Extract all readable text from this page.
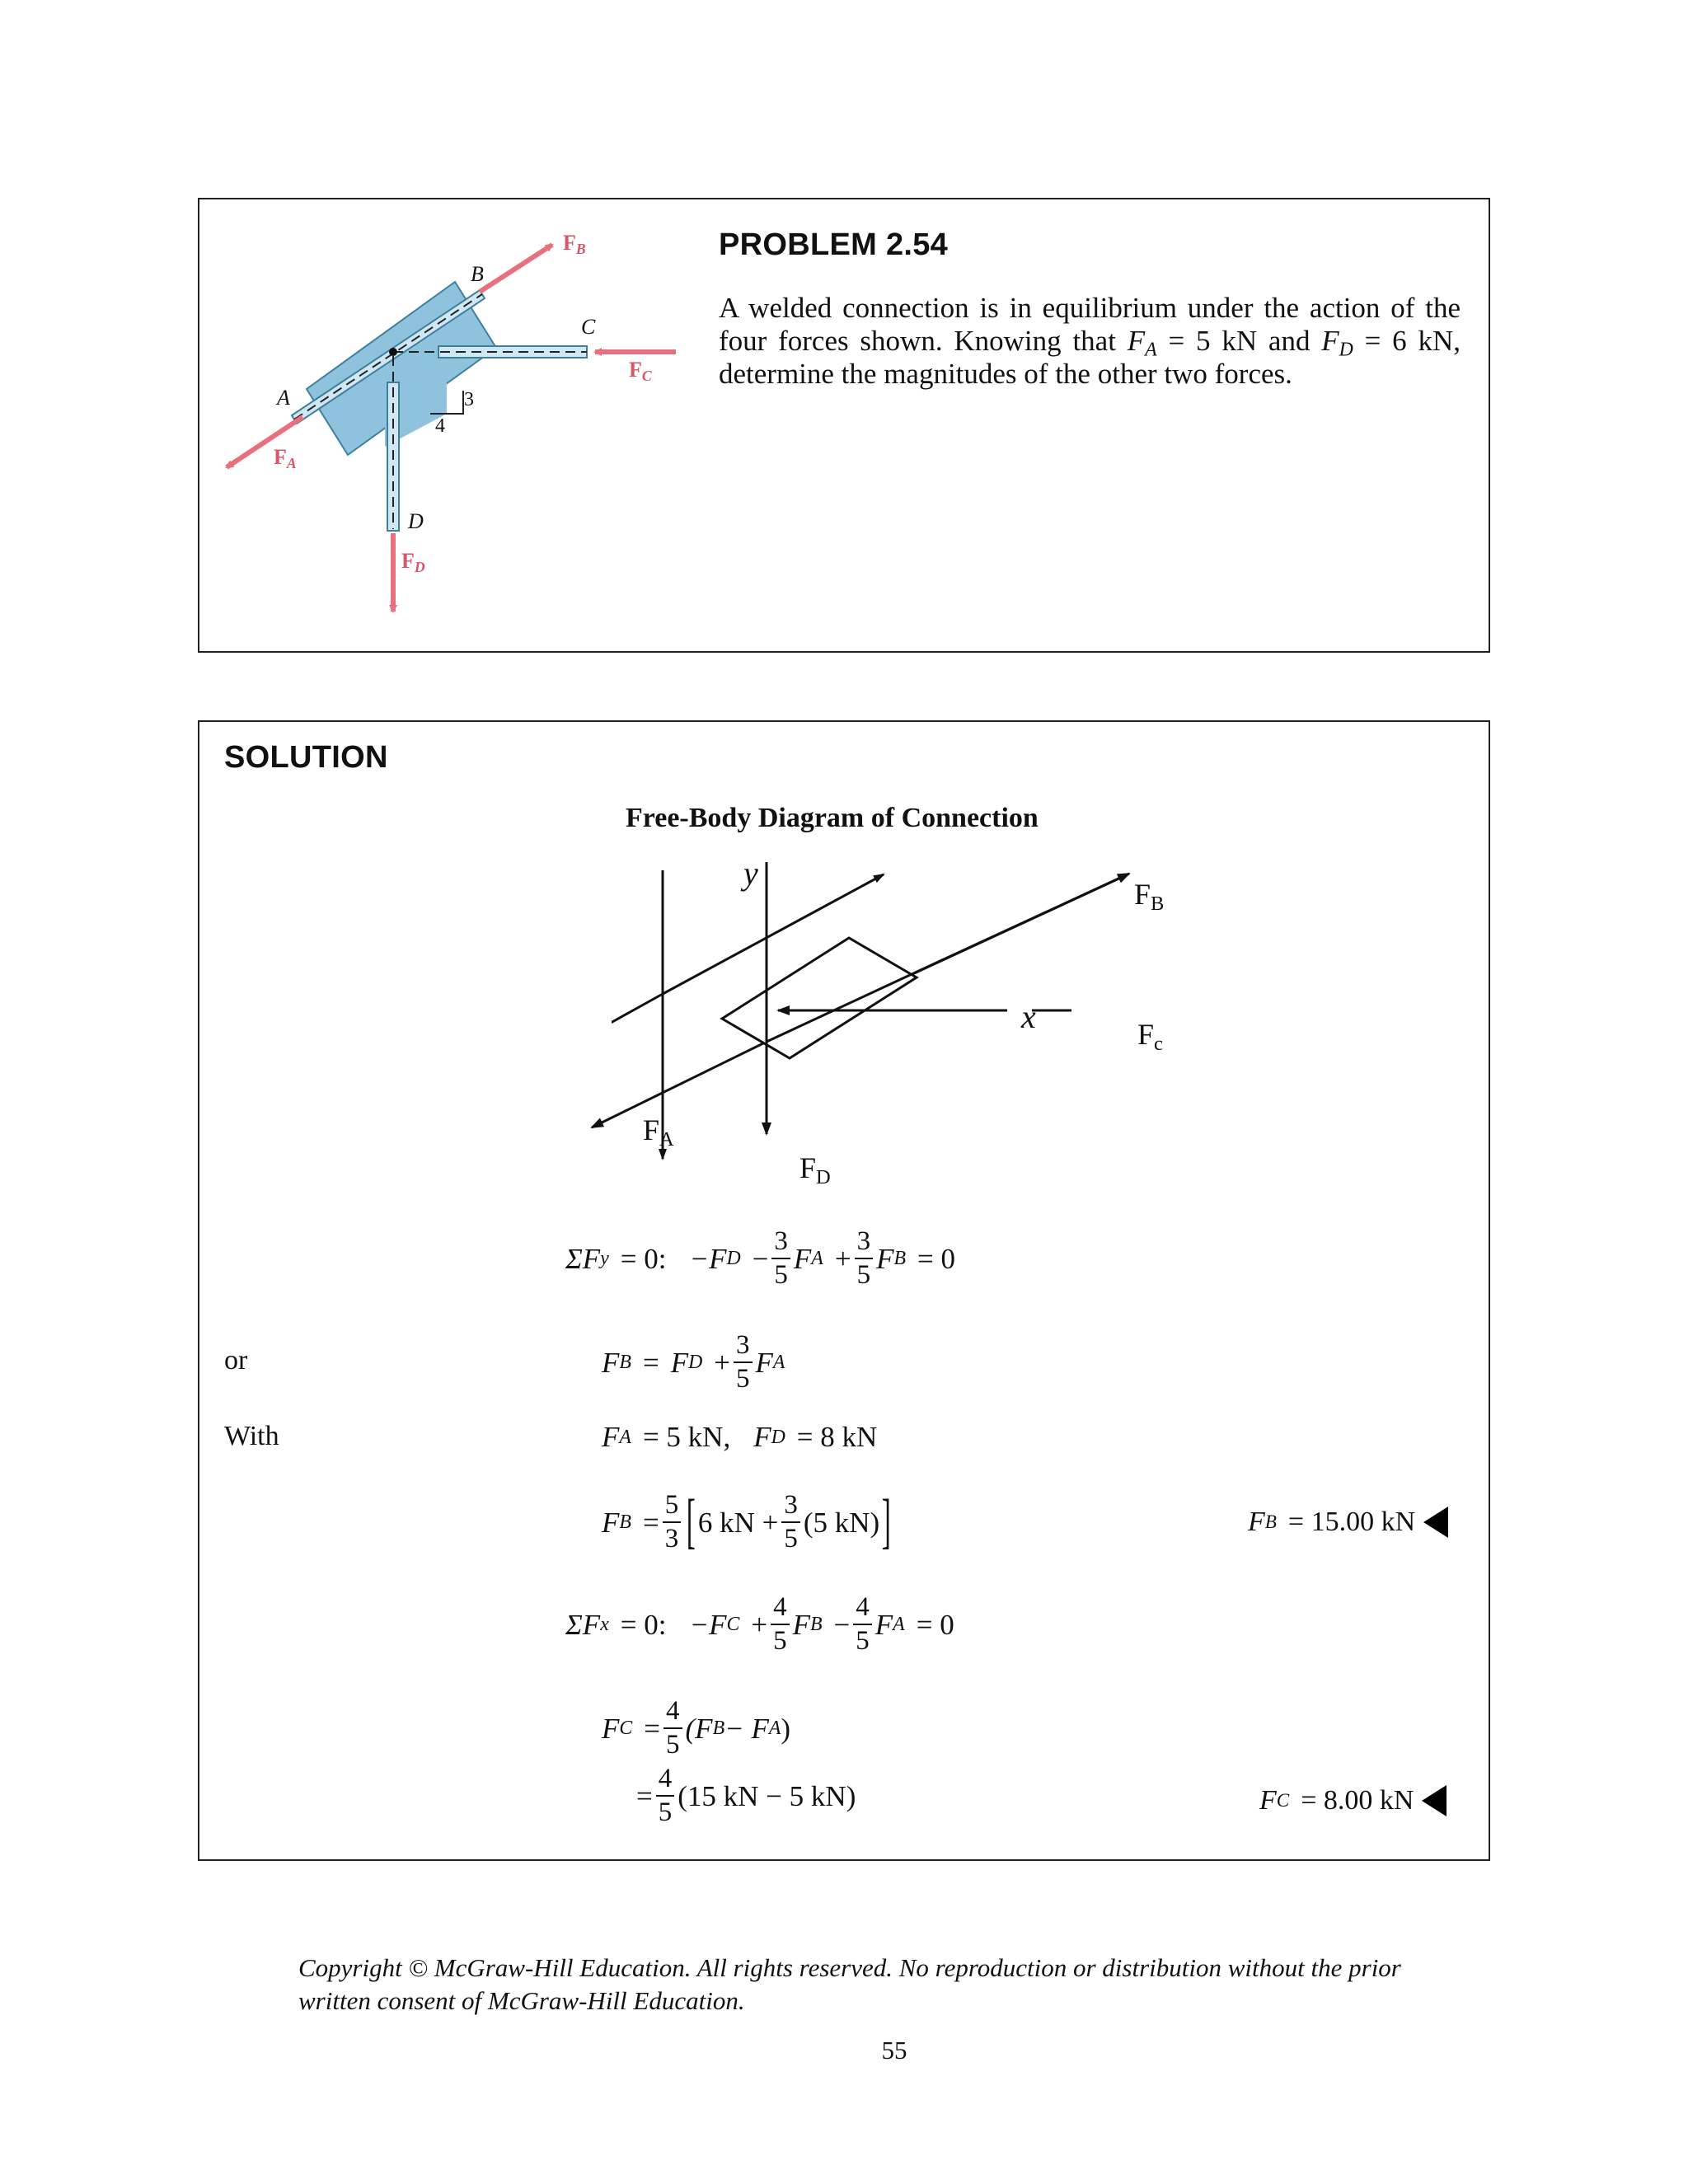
A
B
C
D
3
4
$F_A$
$F_B$
$F_C$
$F_D$
PROBLEM 2.54
A welded connection is in equilibrium under the action of the four forces shown. Knowing that $F_A = 5$ kN and $F_D = 6$ kN, determine the magnitudes of the other two forces.
SOLUTION
Free-Body Diagram of Connection
y
x
$F_B$
$F_c$
$F_A$
$F_D$
ΣF y = 0: −F $D - \frac{3}{5}$ F $A + \frac{3}{5}$ F B = 0
or	F B = F $D + \frac{3}{5}$ F A
With	F A = 5 kN, F D = 8 kN
F $B = \frac{5}{3}$ [ 6 kN + $\frac{3}{5} (5$ kN) ]	F B = 15.00 kN
ΣF x = 0: −F $C + \frac{4}{5}$ F $B - \frac{4}{5}$ F A = 0
F $C = \frac{4}{5} (F$ B − F A )
= $\frac{4}{5} (15$ kN − 5 kN)	F C = 8.00 kN
Copyright © McGraw-Hill Education. All rights reserved. No reproduction or distribution without the prior written consent of McGraw-Hill Education.
55
